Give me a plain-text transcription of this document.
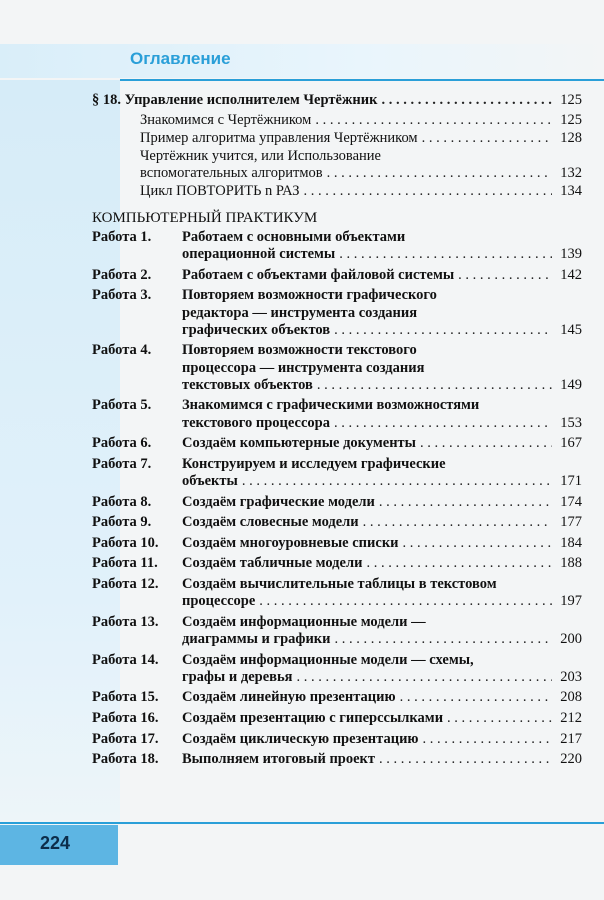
Оглавление
§ 18. Управление исполнителем Чертёжник . . .	125
Знакомимся с Чертёжником . . .	125
Пример алгоритма управления Чертёжником . . .	128
Чертёжник учится, или Использование
вспомогательных алгоритмов . . .	132
Цикл ПОВТОРИТЬ n РАЗ . . .	134
КОМПЬЮТЕРНЫЙ ПРАКТИКУМ
Работа 1. Работаем с основными объектами
операционной системы . . .	139
Работа 2. Работаем с объектами файловой системы . . .	142
Работа 3. Повторяем возможности графического
редактора — инструмента создания
графических объектов . . .	145
Работа 4. Повторяем возможности текстового
процессора — инструмента создания
текстовых объектов . . .	149
Работа 5. Знакомимся с графическими возможностями
текстового процессора . . .	153
Работа 6. Создаём компьютерные документы . . .	167
Работа 7. Конструируем и исследуем графические
объекты . . .	171
Работа 8. Создаём графические модели . . .	174
Работа 9. Создаём словесные модели . . .	177
Работа 10. Создаём многоуровневые списки . . .	184
Работа 11. Создаём табличные модели . . .	188
Работа 12. Создаём вычислительные таблицы в текстовом
процессоре . . .	197
Работа 13. Создаём информационные модели —
диаграммы и графики . . .	200
Работа 14. Создаём информационные модели — схемы,
графы и деревья . . .	203
Работа 15. Создаём линейную презентацию . . .	208
Работа 16. Создаём презентацию с гиперссылками . . .	212
Работа 17. Создаём циклическую презентацию . . .	217
Работа 18. Выполняем итоговый проект . . .	220
224
